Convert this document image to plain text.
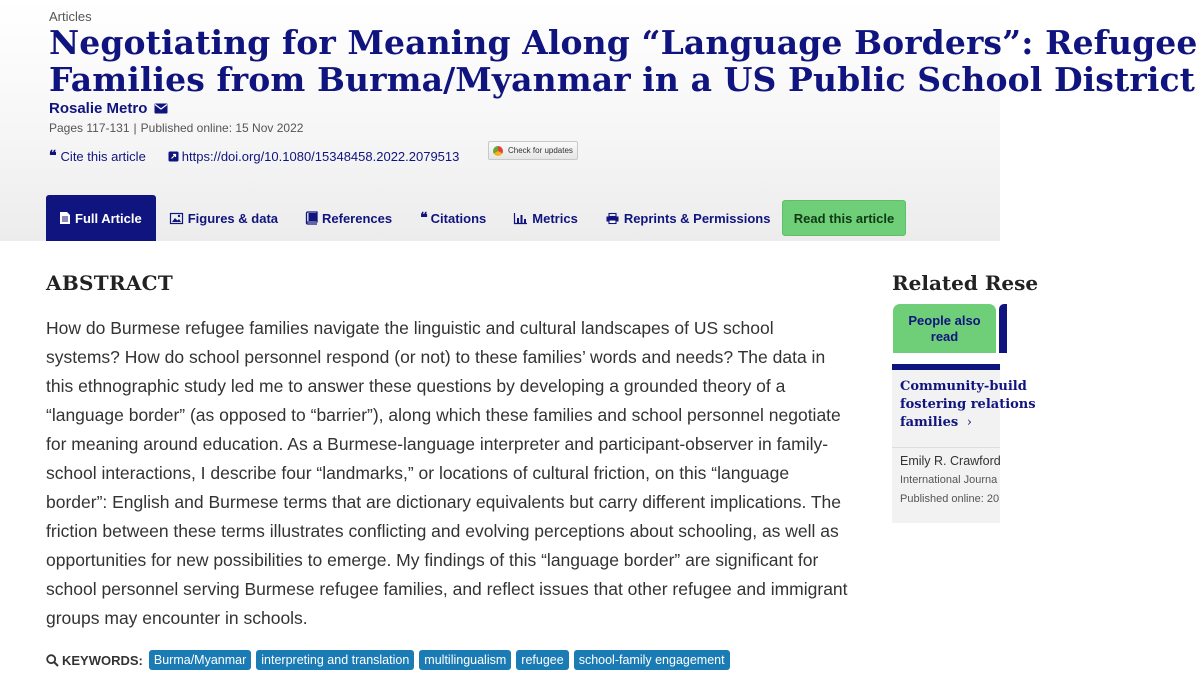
Articles
Negotiating for Meaning Along “Language Borders”: Refugee
Families from Burma/Myanmar in a US Public School District
Rosalie Metro
Pages 117-131 | Published online: 15 Nov 2022
❝ Cite this article	https://doi.org/10.1080/15348458.2022.2079513	Check for updates
Full Article	Figures & data	References ❝ Citations	Metrics	Reprints & Permissions	Read this article
ABSTRACT

How do Burmese refugee families navigate the linguistic and cultural landscapes of US school systems? How do school personnel respond (or not) to these families’ words and needs? The data in this ethnographic study led me to answer these questions by developing a grounded theory of a “language border” (as opposed to “barrier”), along which these families and school personnel negotiate for meaning around education. As a Burmese-language interpreter and participant-observer in family-school interactions, I describe four “landmarks,” or locations of cultural friction, on this “language border”: English and Burmese terms that are dictionary equivalents but carry different implications. The friction between these terms illustrates conflicting and evolving perceptions about schooling, as well as opportunities for new possibilities to emerge. My findings of this “language border” are significant for school personnel serving Burmese refugee families, and reflect issues that other refugee and immigrant groups may encounter in schools.

KEYWORDS: Burma/Myanmar	interpreting and translation	multilingualism	refugee	school-family engagement
Related Rese
People also read
Community-build fostering relations families ›
Emily R. Crawford
International Journa
Published online: 20
